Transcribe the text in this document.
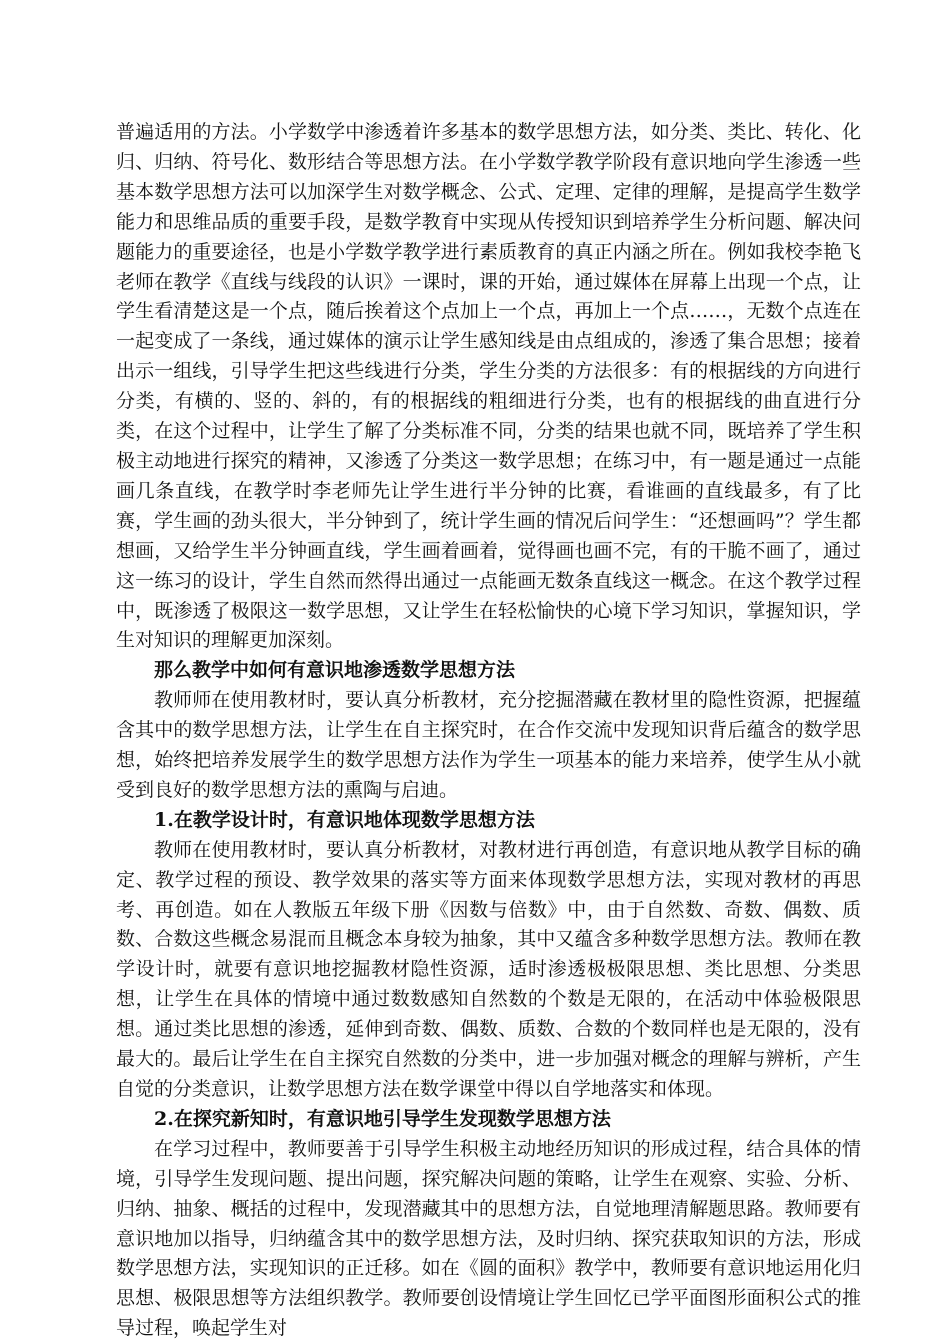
普遍适用的方法。小学数学中渗透着许多基本的数学思想方法，如分类、类比、转化、化归、归纳、符号化、数形结合等思想方法。在小学数学教学阶段有意识地向学生渗透一些基本数学思想方法可以加深学生对数学概念、公式、定理、定律的理解，是提高学生数学能力和思维品质的重要手段，是数学教育中实现从传授知识到培养学生分析问题、解决问题能力的重要途径，也是小学数学教学进行素质教育的真正内涵之所在。例如我校李艳飞老师在教学《直线与线段的认识》一课时，课的开始，通过媒体在屏幕上出现一个点，让学生看清楚这是一个点，随后挨着这个点加上一个点，再加上一个点……，无数个点连在一起变成了一条线，通过媒体的演示让学生感知线是由点组成的，渗透了集合思想；接着出示一组线，引导学生把这些线进行分类，学生分类的方法很多：有的根据线的方向进行分类，有横的、竖的、斜的，有的根据线的粗细进行分类，也有的根据线的曲直进行分类，在这个过程中，让学生了解了分类标准不同，分类的结果也就不同，既培养了学生积极主动地进行探究的精神，又渗透了分类这一数学思想；在练习中，有一题是通过一点能画几条直线，在教学时李老师先让学生进行半分钟的比赛，看谁画的直线最多，有了比赛，学生画的劲头很大，半分钟到了，统计学生画的情况后问学生：“还想画吗”？学生都想画，又给学生半分钟画直线，学生画着画着，觉得画也画不完，有的干脆不画了，通过这一练习的设计，学生自然而然得出通过一点能画无数条直线这一概念。在这个教学过程中，既渗透了极限这一数学思想，又让学生在轻松愉快的心境下学习知识，掌握知识，学生对知识的理解更加深刻。

那么教学中如何有意识地渗透数学思想方法

教师师在使用教材时，要认真分析教材，充分挖掘潜藏在教材里的隐性资源，把握蕴含其中的数学思想方法，让学生在自主探究时，在合作交流中发现知识背后蕴含的数学思想，始终把培养发展学生的数学思想方法作为学生一项基本的能力来培养，使学生从小就受到良好的数学思想方法的熏陶与启迪。

1.在教学设计时，有意识地体现数学思想方法

教师在使用教材时，要认真分析教材，对教材进行再创造，有意识地从教学目标的确定、教学过程的预设、教学效果的落实等方面来体现数学思想方法，实现对教材的再思考、再创造。如在人教版五年级下册《因数与倍数》中，由于自然数、奇数、偶数、质数、合数这些概念易混而且概念本身较为抽象，其中又蕴含多种数学思想方法。教师在教学设计时，就要有意识地挖掘教材隐性资源，适时渗透极极限思想、类比思想、分类思想，让学生在具体的情境中通过数数感知自然数的个数是无限的，在活动中体验极限思想。通过类比思想的渗透，延伸到奇数、偶数、质数、合数的个数同样也是无限的，没有最大的。最后让学生在自主探究自然数的分类中，进一步加强对概念的理解与辨析，产生自觉的分类意识，让数学思想方法在数学课堂中得以自学地落实和体现。

2.在探究新知时，有意识地引导学生发现数学思想方法

在学习过程中，教师要善于引导学生积极主动地经历知识的形成过程，结合具体的情境，引导学生发现问题、提出问题，探究解决问题的策略，让学生在观察、实验、分析、归纳、抽象、概括的过程中，发现潜藏其中的思想方法，自觉地理清解题思路。教师要有意识地加以指导，归纳蕴含其中的数学思想方法，及时归纳、探究获取知识的方法，形成数学思想方法，实现知识的正迁移。如在《圆的面积》教学中，教师要有意识地运用化归思想、极限思想等方法组织教学。教师要创设情境让学生回忆已学平面图形面积公式的推导过程，唤起学生对
